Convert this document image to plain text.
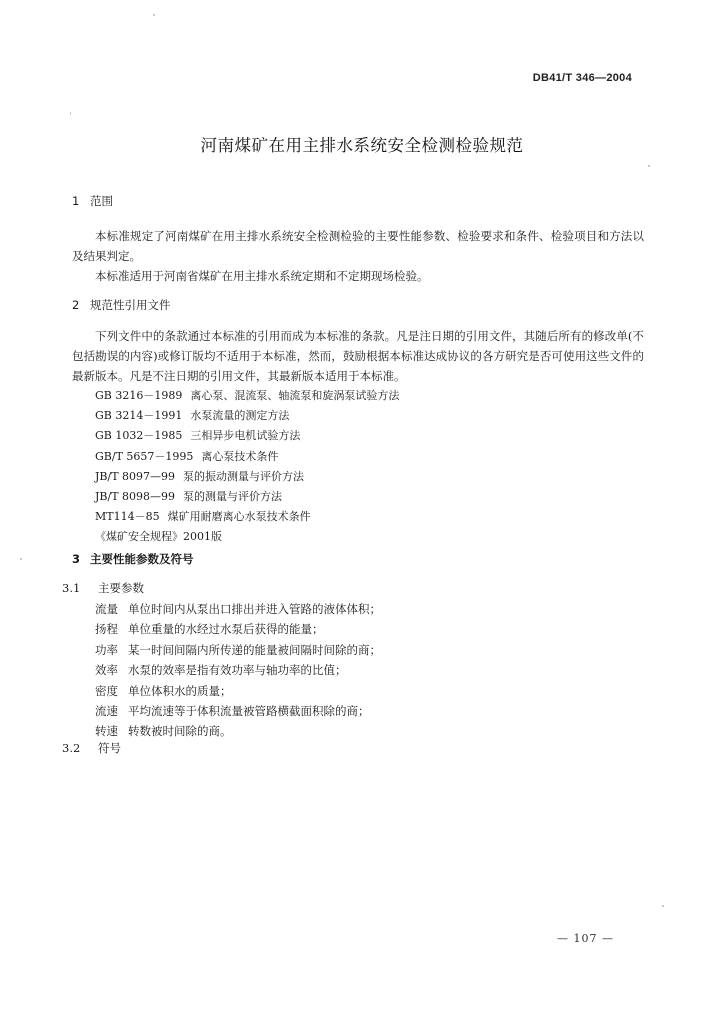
DB41/T 346—2004
河南煤矿在用主排水系统安全检测检验规范
1 范围
本标准规定了河南煤矿在用主排水系统安全检测检验的主要性能参数、检验要求和条件、检验项目和方法以及结果判定。
本标准适用于河南省煤矿在用主排水系统定期和不定期现场检验。
2 规范性引用文件
下列文件中的条款通过本标准的引用而成为本标准的条款。凡是注日期的引用文件，其随后所有的修改单(不包括勘误的内容)或修订版均不适用于本标准，然而，鼓励根据本标准达成协议的各方研究是否可使用这些文件的最新版本。凡是不注日期的引用文件，其最新版本适用于本标准。
GB 3216－1989 离心泵、混流泵、轴流泵和旋涡泵试验方法
GB 3214－1991 水泵流量的测定方法
GB 1032－1985 三相异步电机试验方法
GB/T 5657－1995 离心泵技术条件
JB/T 8097—99 泵的振动测量与评价方法
JB/T 8098—99 泵的测量与评价方法
MT114－85 煤矿用耐磨离心水泵技术条件
《煤矿安全规程》2001版
3 主要性能参数及符号
3.1 主要参数
流量 单位时间内从泵出口排出并进入管路的液体体积；
扬程 单位重量的水经过水泵后获得的能量；
功率 某一时间间隔内所传递的能量被间隔时间除的商；
效率 水泵的效率是指有效功率与轴功率的比值；
密度 单位体积水的质量；
流速 平均流速等于体积流量被管路横截面积除的商；
转速 转数被时间除的商。
3.2 符号
— 107 —
